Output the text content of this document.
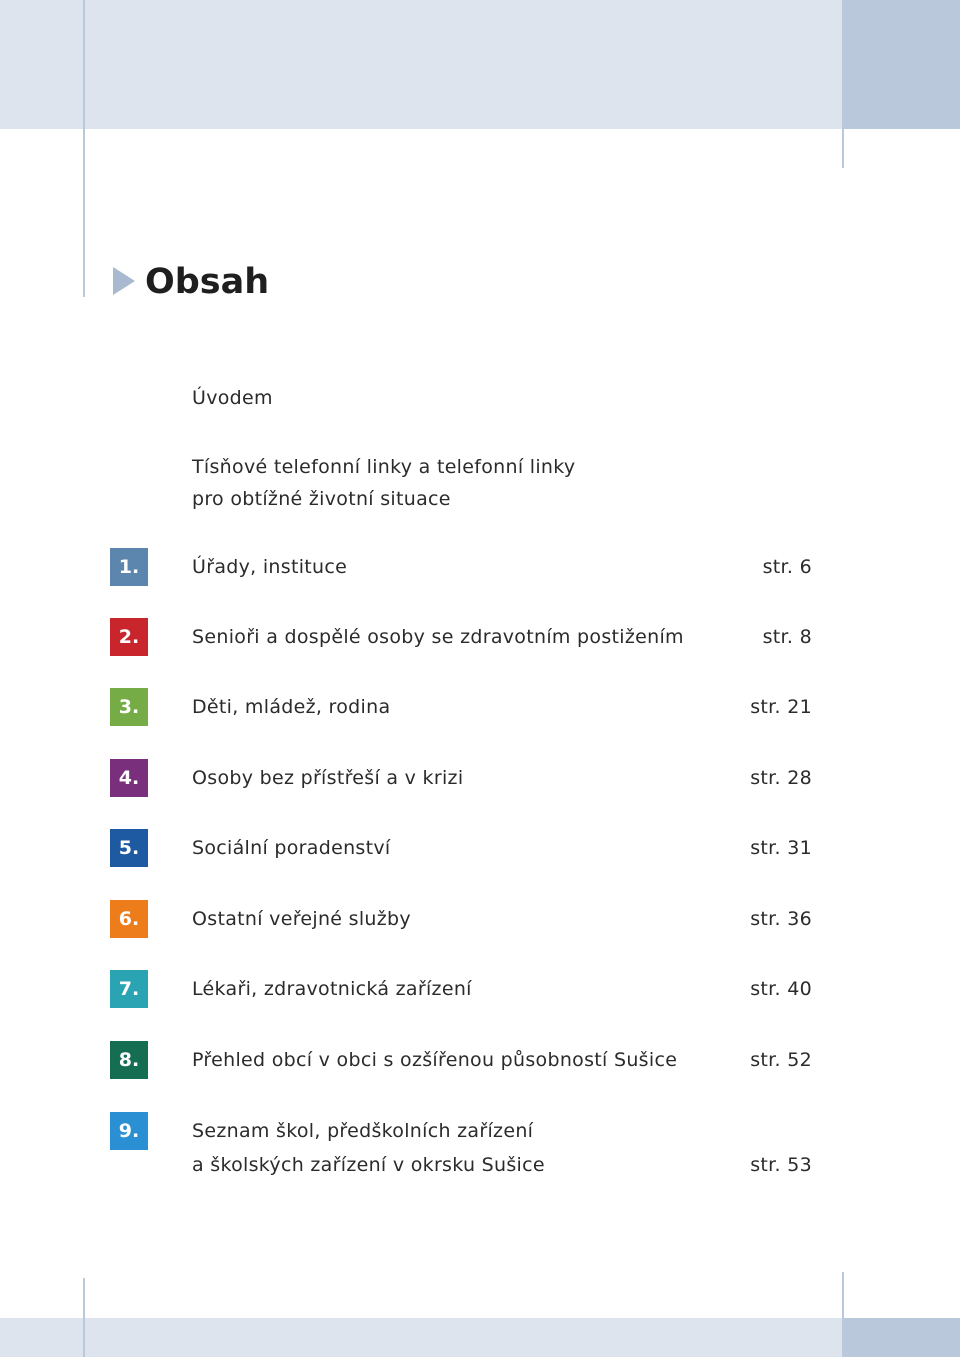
Obsah

Úvodem

Tísňové telefonní linky a telefonní linky
pro obtížné životní situace

1.	Úřady, instituce	str. 6
2.	Senioři a dospělé osoby se zdravotním postižením	str. 8
3.	Děti, mládež, rodina	str. 21
4.	Osoby bez přístřeší a v krizi	str. 28
5.	Sociální poradenství	str. 31
6.	Ostatní veřejné služby	str. 36
7.	Lékaři, zdravotnická zařízení	str. 40
8.	Přehled obcí v obci s ozšířenou působností Sušice	str. 52
9.	Seznam škol, předškolních zařízení
a školských zařízení v okrsku Sušice	str. 53
